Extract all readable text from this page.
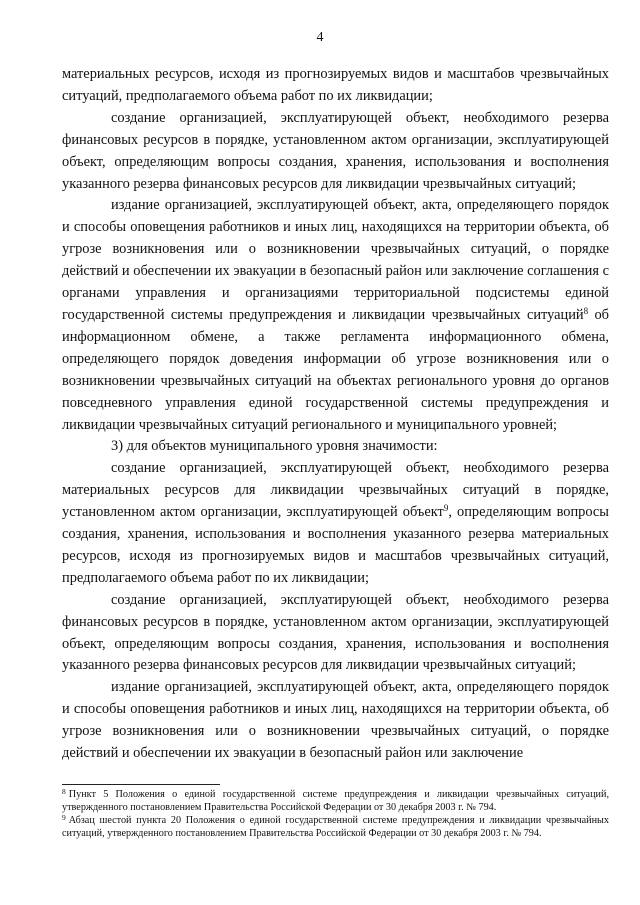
4

материальных ресурсов, исходя из прогнозируемых видов и масштабов чрезвычайных ситуаций, предполагаемого объема работ по их ликвидации;

создание организацией, эксплуатирующей объект, необходимого резерва финансовых ресурсов в порядке, установленном актом организации, эксплуатирующей объект, определяющим вопросы создания, хранения, использования и восполнения указанного резерва финансовых ресурсов для ликвидации чрезвычайных ситуаций;

издание организацией, эксплуатирующей объект, акта, определяющего порядок и способы оповещения работников и иных лиц, находящихся на территории объекта, об угрозе возникновения или о возникновении чрезвычайных ситуаций, о порядке действий и обеспечении их эвакуации в безопасный район или заключение соглашения с органами управления и организациями территориальной подсистемы единой государственной системы предупреждения и ликвидации чрезвычайных ситуаций$^8$ об информационном обмене, а также регламента информационного обмена, определяющего порядок доведения информации об угрозе возникновения или о возникновении чрезвычайных ситуаций на объектах регионального уровня до органов повседневного управления единой государственной системы предупреждения и ликвидации чрезвычайных ситуаций регионального и муниципального уровней;

3) для объектов муниципального уровня значимости:

создание организацией, эксплуатирующей объект, необходимого резерва материальных ресурсов для ликвидации чрезвычайных ситуаций в порядке, установленном актом организации, эксплуатирующей объект$^9$, определяющим вопросы создания, хранения, использования и восполнения указанного резерва материальных ресурсов, исходя из прогнозируемых видов и масштабов чрезвычайных ситуаций, предполагаемого объема работ по их ликвидации;

создание организацией, эксплуатирующей объект, необходимого резерва финансовых ресурсов в порядке, установленном актом организации, эксплуатирующей объект, определяющим вопросы создания, хранения, использования и восполнения указанного резерва финансовых ресурсов для ликвидации чрезвычайных ситуаций;

издание организацией, эксплуатирующей объект, акта, определяющего порядок и способы оповещения работников и иных лиц, находящихся на территории объекта, об угрозе возникновения или о возникновении чрезвычайных ситуаций, о порядке действий и обеспечении их эвакуации в безопасный район или заключение

$^8$ Пункт 5 Положения о единой государственной системе предупреждения и ликвидации чрезвычайных ситуаций, утвержденного постановлением Правительства Российской Федерации от 30 декабря 2003 г. № 794.

$^9$ Абзац шестой пункта 20 Положения о единой государственной системе предупреждения и ликвидации чрезвычайных ситуаций, утвержденного постановлением Правительства Российской Федерации от 30 декабря 2003 г. № 794.
